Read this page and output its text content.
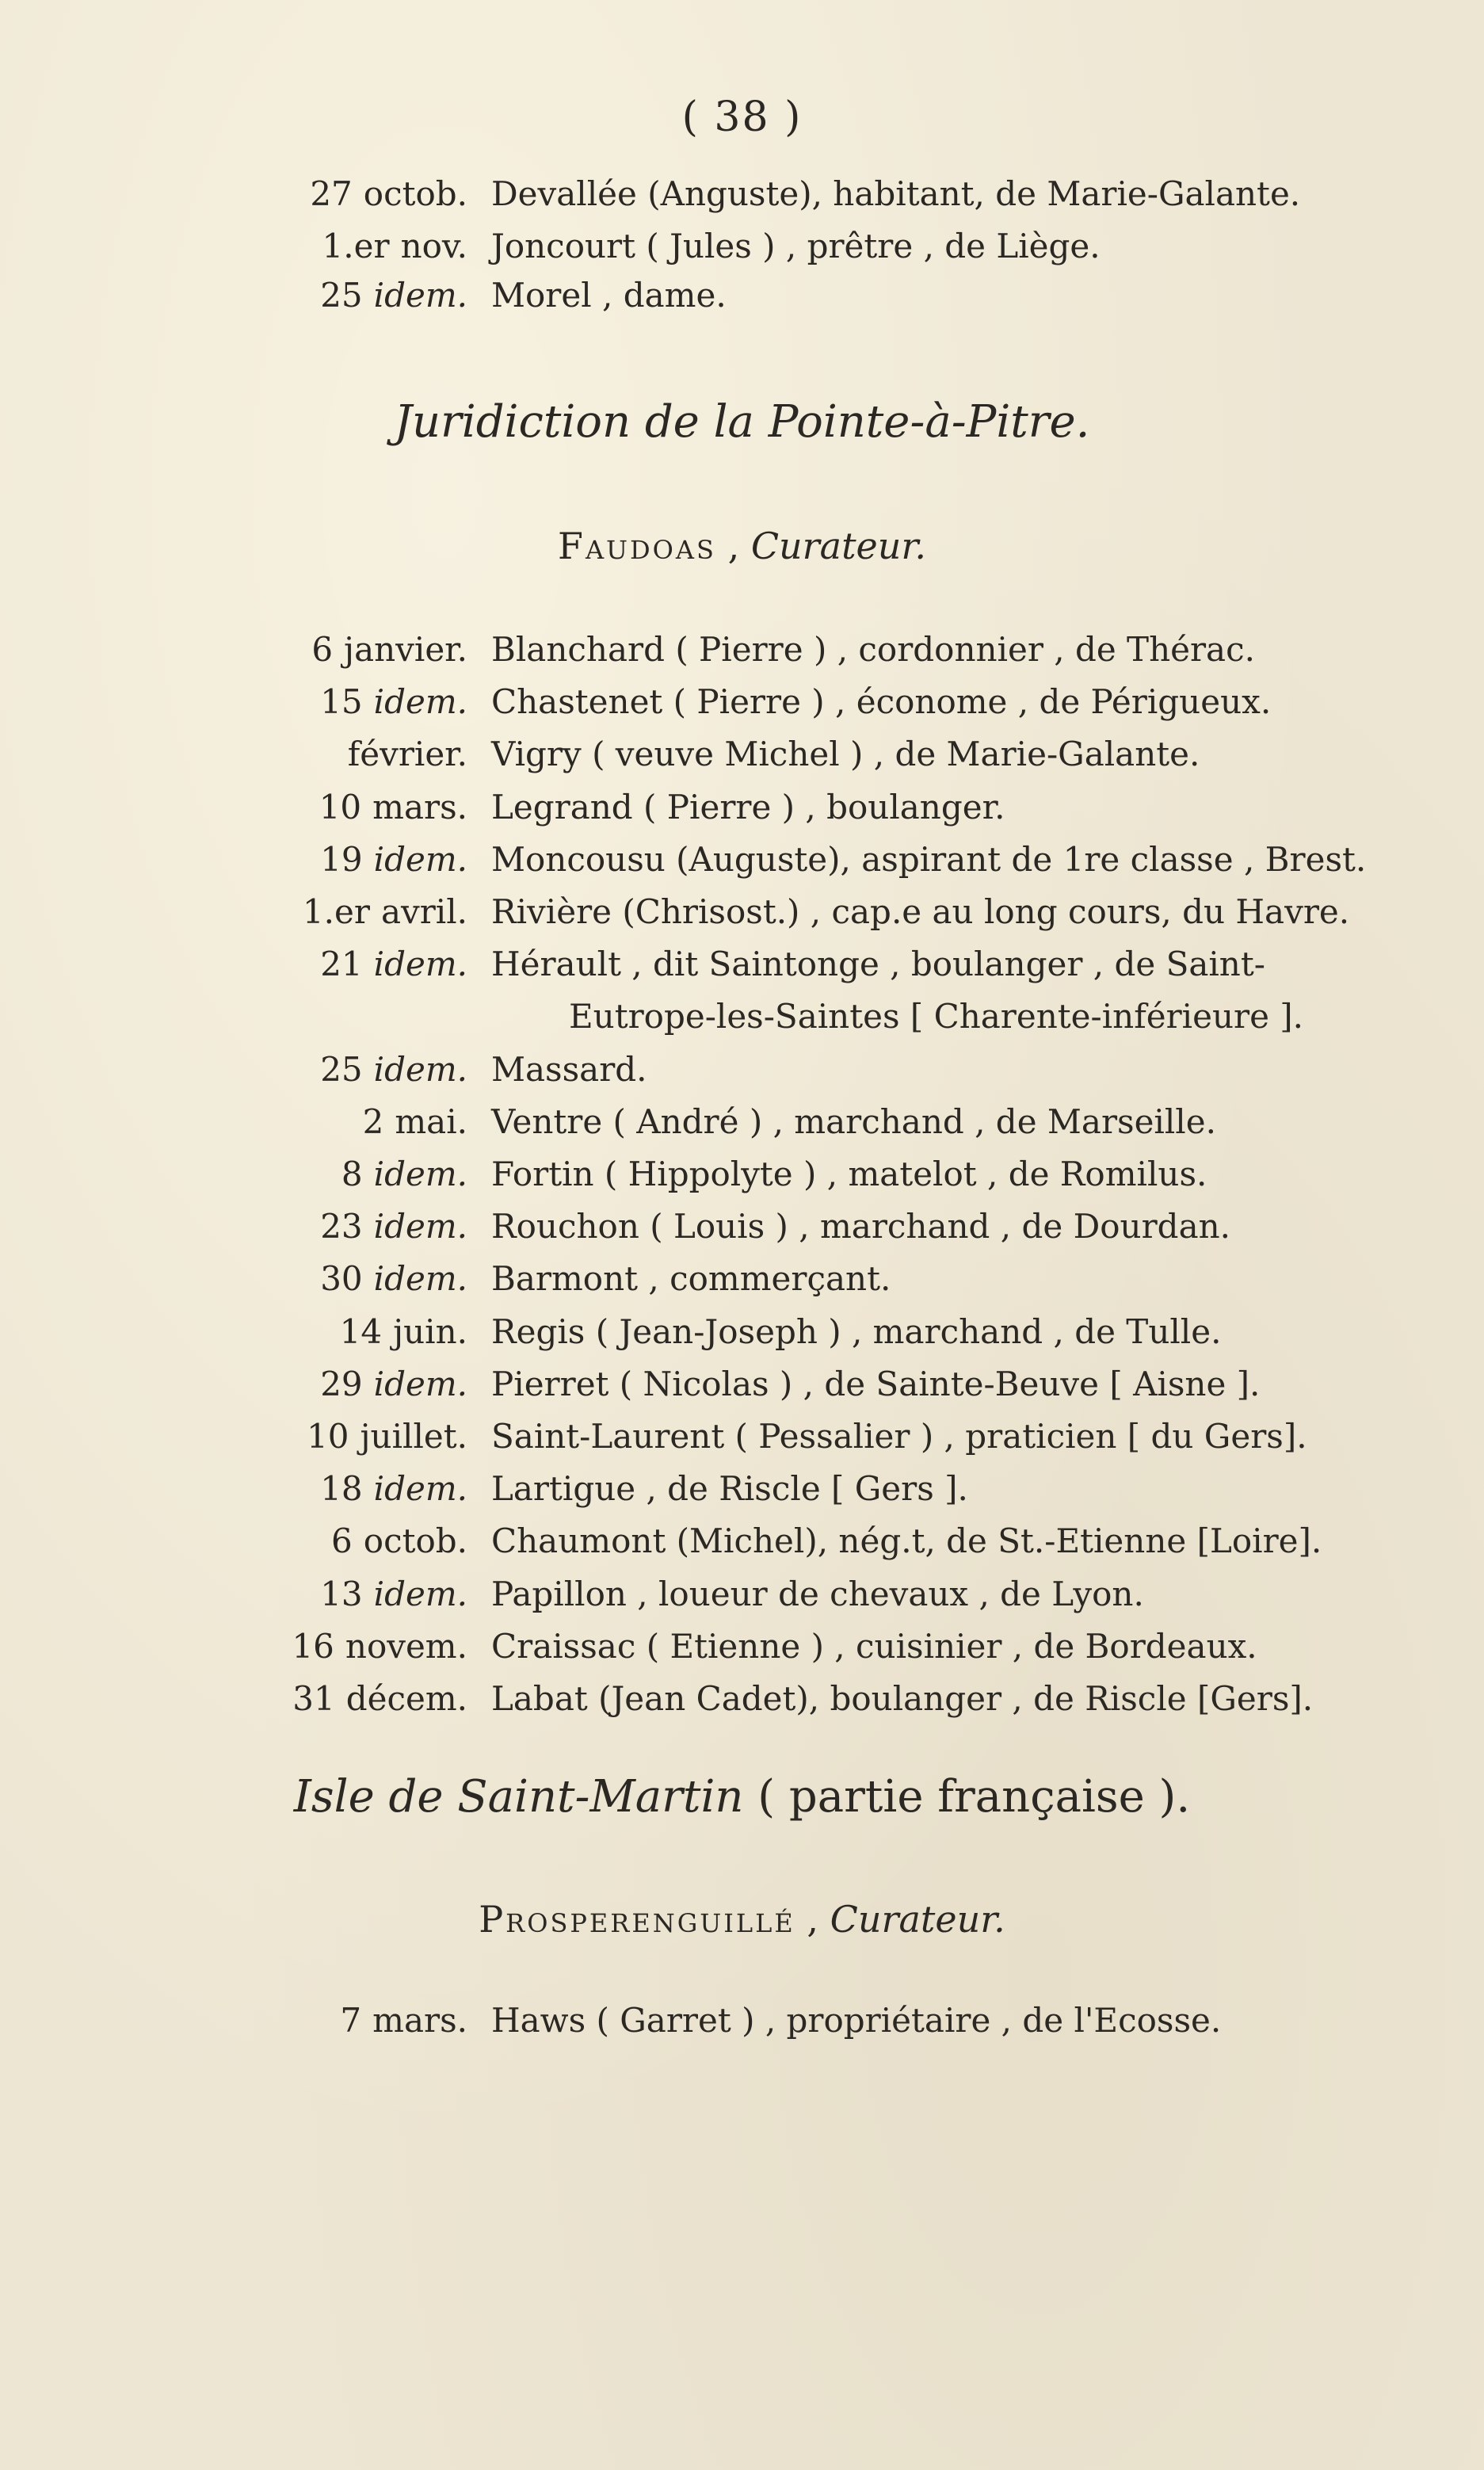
( 38 )
27 octob. Devallée (Anguste), habitant, de Marie-Galante.
1.er nov. Joncourt ( Jules ) , prêtre , de Liège.
25 idem. Morel , dame.
Juridiction de la Pointe-à-Pitre.
Faudoas , Curateur.
6 janvier. Blanchard ( Pierre ) , cordonnier , de Thérac.
15 idem. Chastenet ( Pierre ) , économe , de Périgueux.
février. Vigry ( veuve Michel ) , de Marie-Galante.
10 mars. Legrand ( Pierre ) , boulanger.
19 idem. Moncousu (Auguste), aspirant de 1re classe , Brest.
1.er avril. Rivière (Chrisost.) , cap.e au long cours, du Havre.
21 idem. Hérault , dit Saintonge , boulanger , de Saint-
Eutrope-les-Saintes [ Charente-inférieure ].
25 idem. Massard.
2 mai. Ventre ( André ) , marchand , de Marseille.
8 idem. Fortin ( Hippolyte ) , matelot , de Romilus.
23 idem. Rouchon ( Louis ) , marchand , de Dourdan.
30 idem. Barmont , commerçant.
14 juin. Regis ( Jean-Joseph ) , marchand , de Tulle.
29 idem. Pierret ( Nicolas ) , de Sainte-Beuve [ Aisne ].
10 juillet. Saint-Laurent ( Pessalier ) , praticien [ du Gers].
18 idem. Lartigue , de Riscle [ Gers ].
6 octob. Chaumont (Michel), nég.t, de St.-Etienne [Loire].
13 idem. Papillon , loueur de chevaux , de Lyon.
16 novem. Craissac ( Etienne ) , cuisinier , de Bordeaux.
31 décem. Labat (Jean Cadet), boulanger , de Riscle [Gers].
Isle de Saint-Martin ( partie française ).
Prosperenguillé , Curateur.
7 mars. Haws ( Garret ) , propriétaire , de l'Ecosse.
